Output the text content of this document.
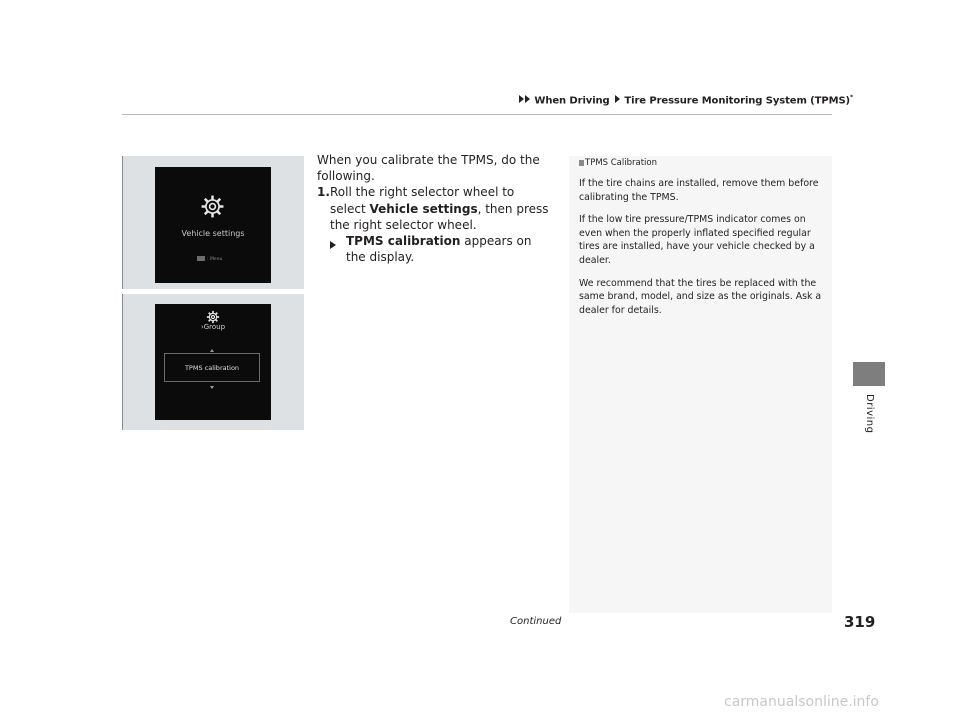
When Driving Tire Pressure Monitoring System (TPMS)*
Driving
Vehicle settings
: Menu
›Group
TPMS calibration

When you calibrate the TPMS, do the following.

1. Roll the right selector wheel to select Vehicle settings, then press the right selector wheel.
TPMS calibration appears on the display.
TPMS Calibration

If the tire chains are installed, remove them before calibrating the TPMS.

If the low tire pressure/TPMS indicator comes on even when the properly inflated specified regular tires are installed, have your vehicle checked by a dealer.

We recommend that the tires be replaced with the same brand, model, and size as the originals. Ask a dealer for details.

Continued	319
carmanualsonline.info
